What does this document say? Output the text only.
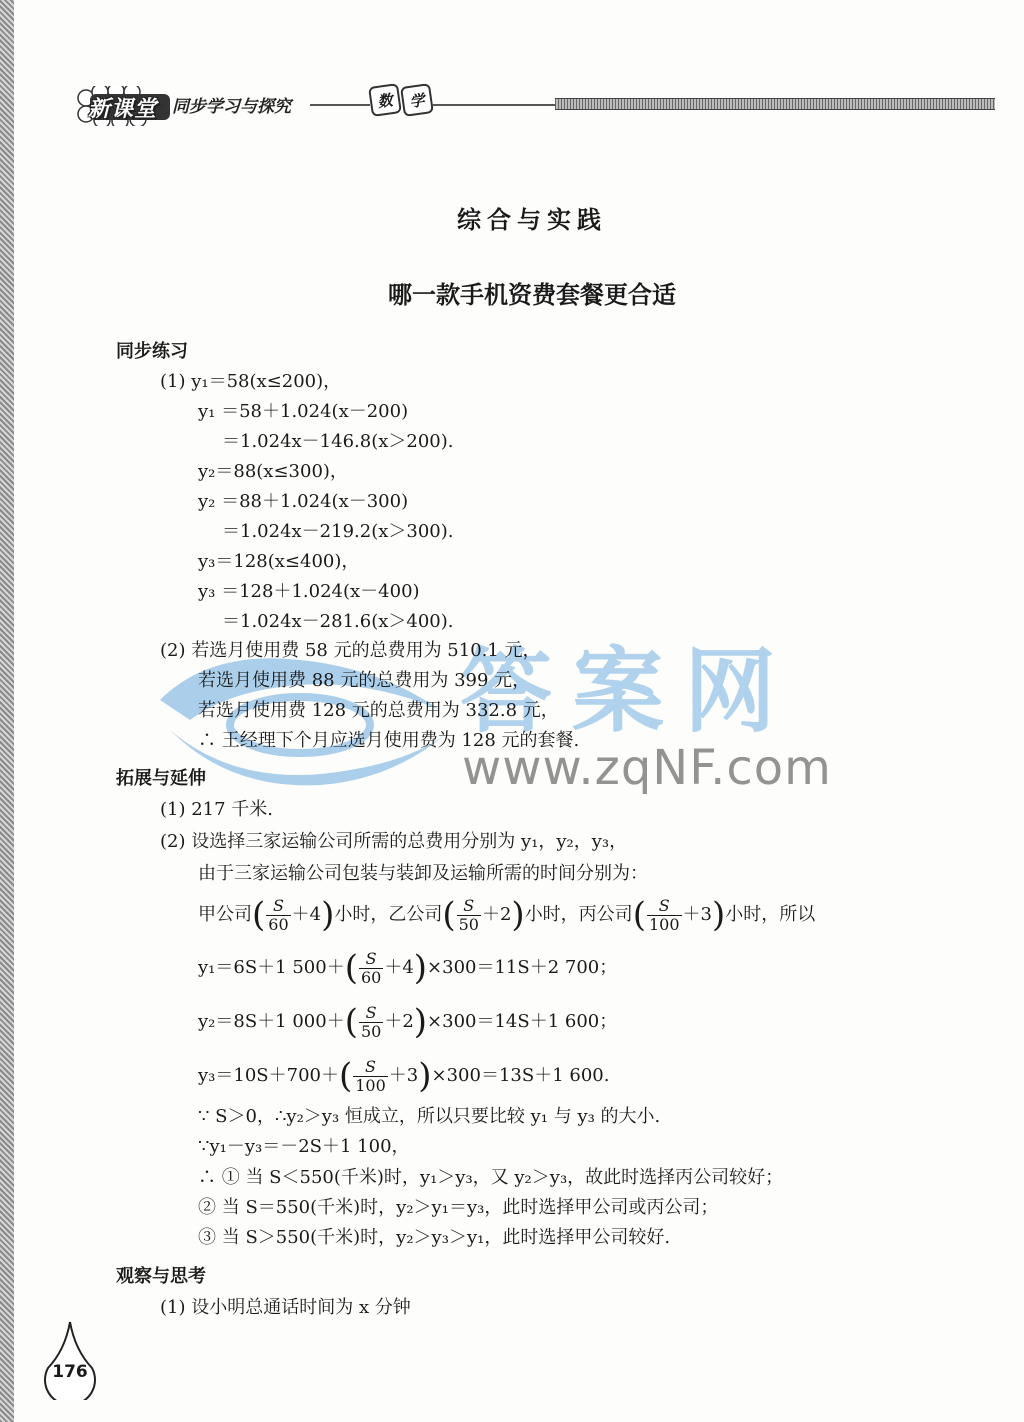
新课堂 同步学习与探究	数 学
综合与实践
哪一款手机资费套餐更合适
答案网
www.zqNF.com
同步练习
(1) y₁＝58(x≤200)，
y₁ ＝58＋1.024(x－200)
＝1.024x－146.8(x＞200).
y₂＝88(x≤300)，
y₂ ＝88＋1.024(x－300)
＝1.024x－219.2(x＞300).
y₃＝128(x≤400)，
y₃ ＝128＋1.024(x－400)
＝1.024x－281.6(x＞400).
(2) 若选月使用费 58 元的总费用为 510.1 元，
若选月使用费 88 元的总费用为 399 元，
若选月使用费 128 元的总费用为 332.8 元，
∴ 王经理下个月应选月使用费为 128 元的套餐.
拓展与延伸
(1) 217 千米.
(2) 设选择三家运输公司所需的总费用分别为 y₁，y₂，y₃，
由于三家运输公司包装与装卸及运输所需的时间分别为：
甲公司( $\frac{S}{60} +4$)小时，乙公司( $\frac{S}{50} +2$)小时，丙公司( $\frac{S}{100} +3$)小时，所以
y₁＝6S＋1 $500+( \frac{S}{60} +4)\times 300=11S+2$ 700；
y₂＝8S＋1 $000+( \frac{S}{50} +2)\times 300=14S+1$ 600；
$y_3=10S+700+( \frac{S}{100} +3)\times 300=13S+1$ 600.
∵ S＞0，∴y₂＞y₃ 恒成立，所以只要比较 y₁ 与 y₃ 的大小.
∵y₁－y₃＝－2S＋1 100，
∴ ① 当 S＜550(千米)时，y₁＞y₃，又 y₂＞y₃，故此时选择丙公司较好；
② 当 S＝550(千米)时，y₂＞y₁＝y₃，此时选择甲公司或丙公司；
③ 当 S＞550(千米)时，y₂＞y₃＞y₁，此时选择甲公司较好.
观察与思考
(1) 设小明总通话时间为 x 分钟
176
